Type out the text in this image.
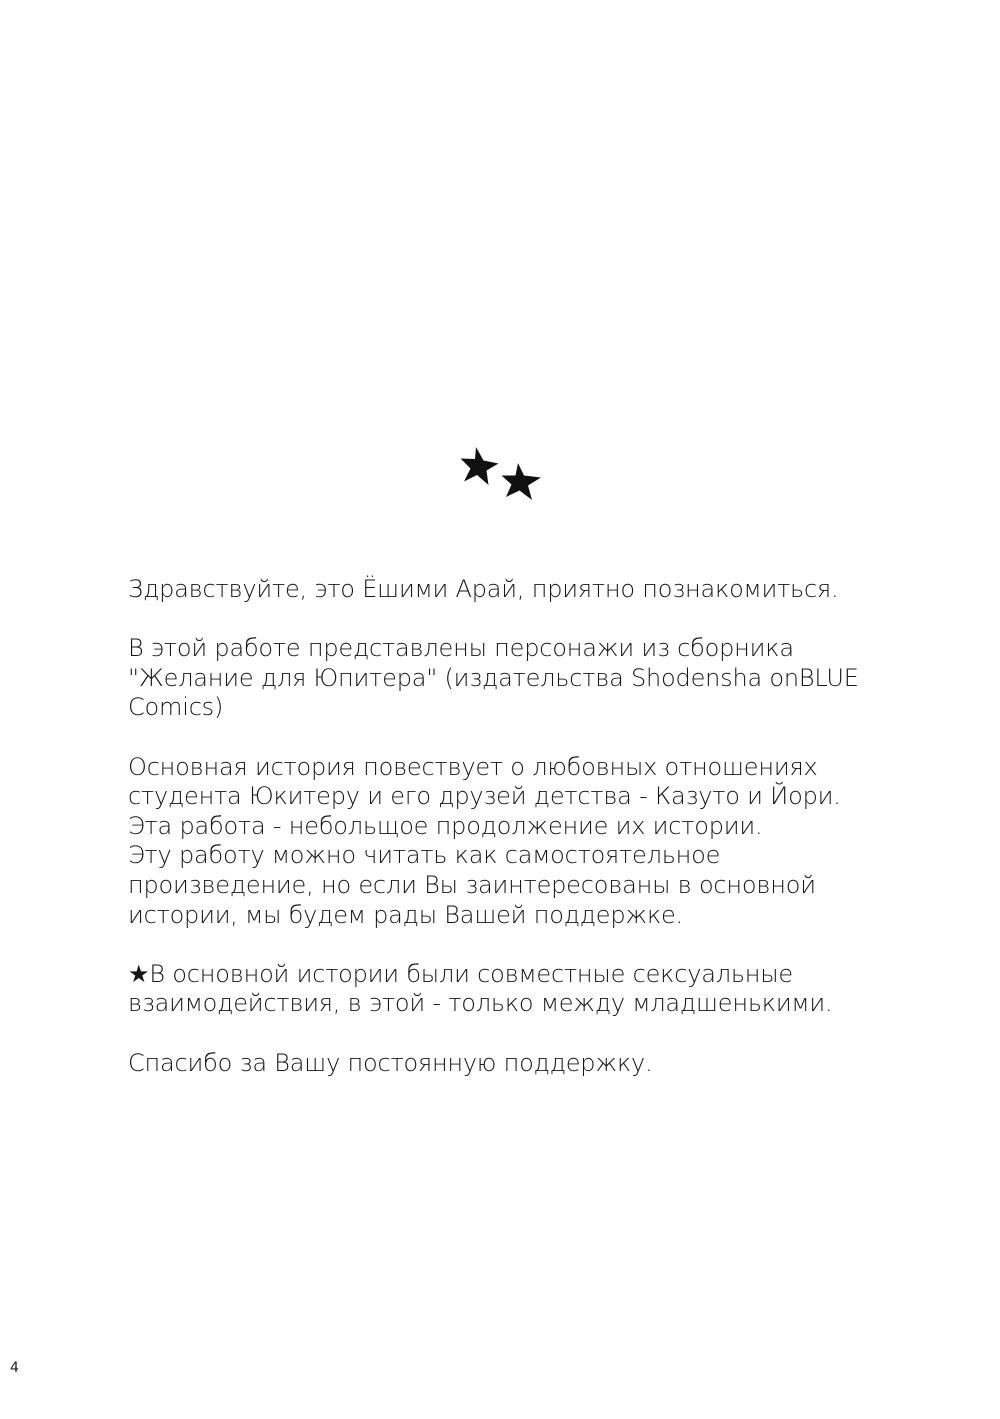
Здравствуйте, это Ёшими Арай, приятно познакомиться.

В этой работе представлены персонажи из сборника
"Желание для Юпитера" (издательства Shodensha onBLUE
Comics)

Основная история повествует о любовных отношениях
студента Юкитеру и его друзей детства - Казуто и Йори.
Эта работа - небольщое продолжение их истории.
Эту работу можно читать как самостоятельное
произведение, но если Вы заинтересованы в основной
истории, мы будем рады Вашей поддержке.

★В основной истории были совместные сексуальные
взаимодействия, в этой - только между младшенькими.

Спасибо за Вашу постоянную поддержку.

4
